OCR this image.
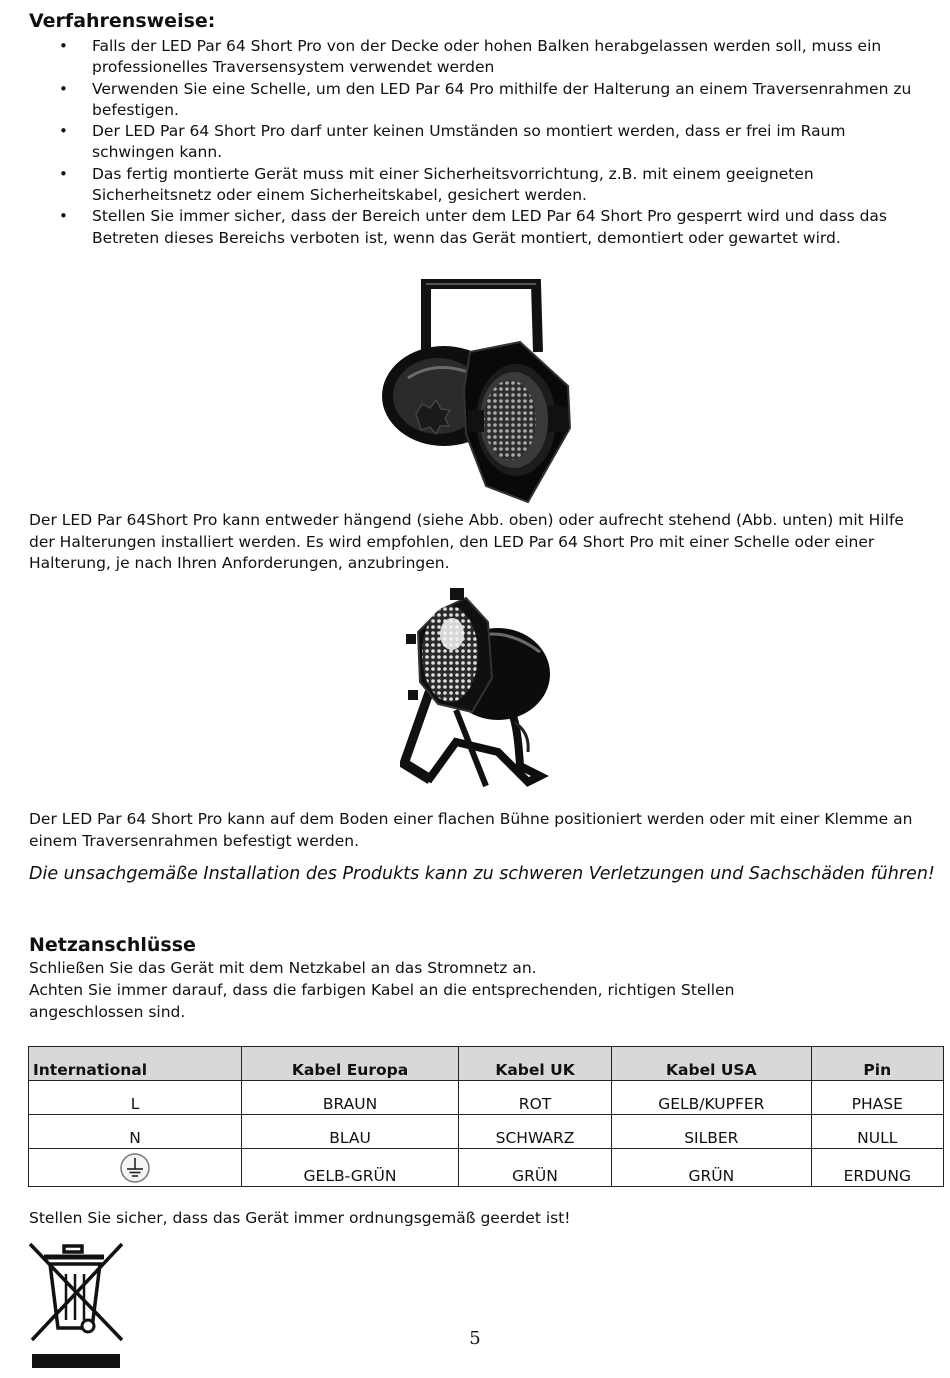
Verfahrensweise:
• Falls der LED Par 64 Short Pro von der Decke oder hohen Balken herabgelassen werden soll, muss ein professionelles Traversensystem verwendet werden
• Verwenden Sie eine Schelle, um den LED Par 64 Pro mithilfe der Halterung an einem Traversenrahmen zu befestigen.
• Der LED Par 64 Short Pro darf unter keinen Umständen so montiert werden, dass er frei im Raum schwingen kann.
• Das fertig montierte Gerät muss mit einer Sicherheitsvorrichtung, z.B. mit einem geeigneten Sicherheitsnetz oder einem Sicherheitskabel, gesichert werden.
• Stellen Sie immer sicher, dass der Bereich unter dem LED Par 64 Short Pro gesperrt wird und dass das Betreten dieses Bereichs verboten ist, wenn das Gerät montiert, demontiert oder gewartet wird.

Der LED Par 64Short Pro kann entweder hängend (siehe Abb. oben) oder aufrecht stehend (Abb. unten) mit Hilfe der Halterungen installiert werden. Es wird empfohlen, den LED Par 64 Short Pro mit einer Schelle oder einer Halterung, je nach Ihren Anforderungen, anzubringen.

Der LED Par 64 Short Pro kann auf dem Boden einer flachen Bühne positioniert werden oder mit einer Klemme an einem Traversenrahmen befestigt werden.

Die unsachgemäße Installation des Produkts kann zu schweren Verletzungen und Sachschäden führen!

Netzanschlüsse

Schließen Sie das Gerät mit dem Netzkabel an das Stromnetz an.

Achten Sie immer darauf, dass die farbigen Kabel an die entsprechenden, richtigen Stellen angeschlossen sind.

International	Kabel Europa	Kabel UK	Kabel USA	Pin
L	BRAUN	ROT	GELB/KUPFER	PHASE
N	BLAU	SCHWARZ	SILBER	NULL
	GELB-GRÜN	GRÜN	GRÜN	ERDUNG

Stellen Sie sicher, dass das Gerät immer ordnungsgemäß geerdet ist!

5
